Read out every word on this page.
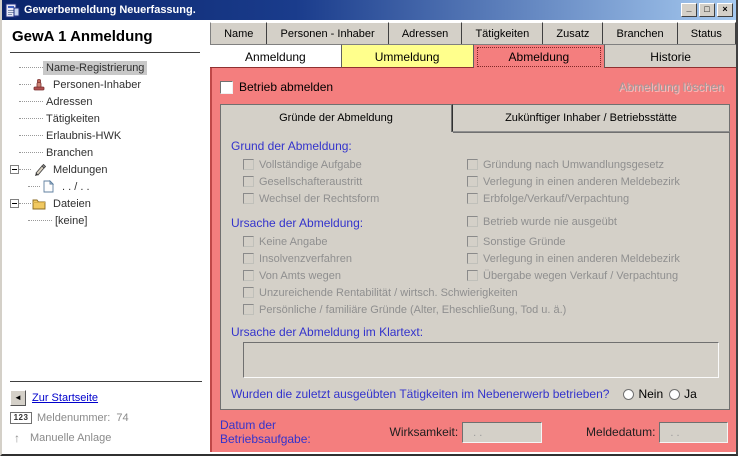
Gewerbemeldung Neuerfassung.	_	□	×
GewA 1 Anmeldung
Name-Registrierung
Personen-Inhaber
Adressen
Tätigkeiten
Erlaubnis-HWK
Branchen
Meldungen
. . / . .
Dateien
[keine]
◄ Zur Startseite
123 Meldenummer: 74
↑ Manuelle Anlage
Name	Personen - Inhaber	Adressen	Tätigkeiten	Zusatz	Branchen	Status
Anmeldung	Ummeldung	Abmeldung	Historie
Betrieb abmelden	Abmeldung löschen
Gründe der Abmeldung	Zukünftiger Inhaber / Betriebsstätte
Grund der Abmeldung:
Vollständige Aufgabe	Gründung nach Umwandlungsgesetz
Gesellschafteraustritt	Verlegung in einen anderen Meldebezirk
Wechsel der Rechtsform	Erbfolge/Verkauf/Verpachtung
Ursache der Abmeldung:	Betrieb wurde nie ausgeübt
Keine Angabe	Sonstige Gründe
Insolvenzverfahren	Verlegung in einen anderen Meldebezirk
Von Amts wegen	Übergabe wegen Verkauf / Verpachtung
Unzureichende Rentabilität / wirtsch. Schwierigkeiten
Persönliche / familiäre Gründe (Alter, Eheschließung, Tod u. ä.)
Ursache der Abmeldung im Klartext:
Wurden die zuletzt ausgeübten Tätigkeiten im Nebenerwerb betrieben? Nein Ja
Datum der Betriebsaufgabe:	Wirksamkeit:	. .	Meldedatum:	. .
